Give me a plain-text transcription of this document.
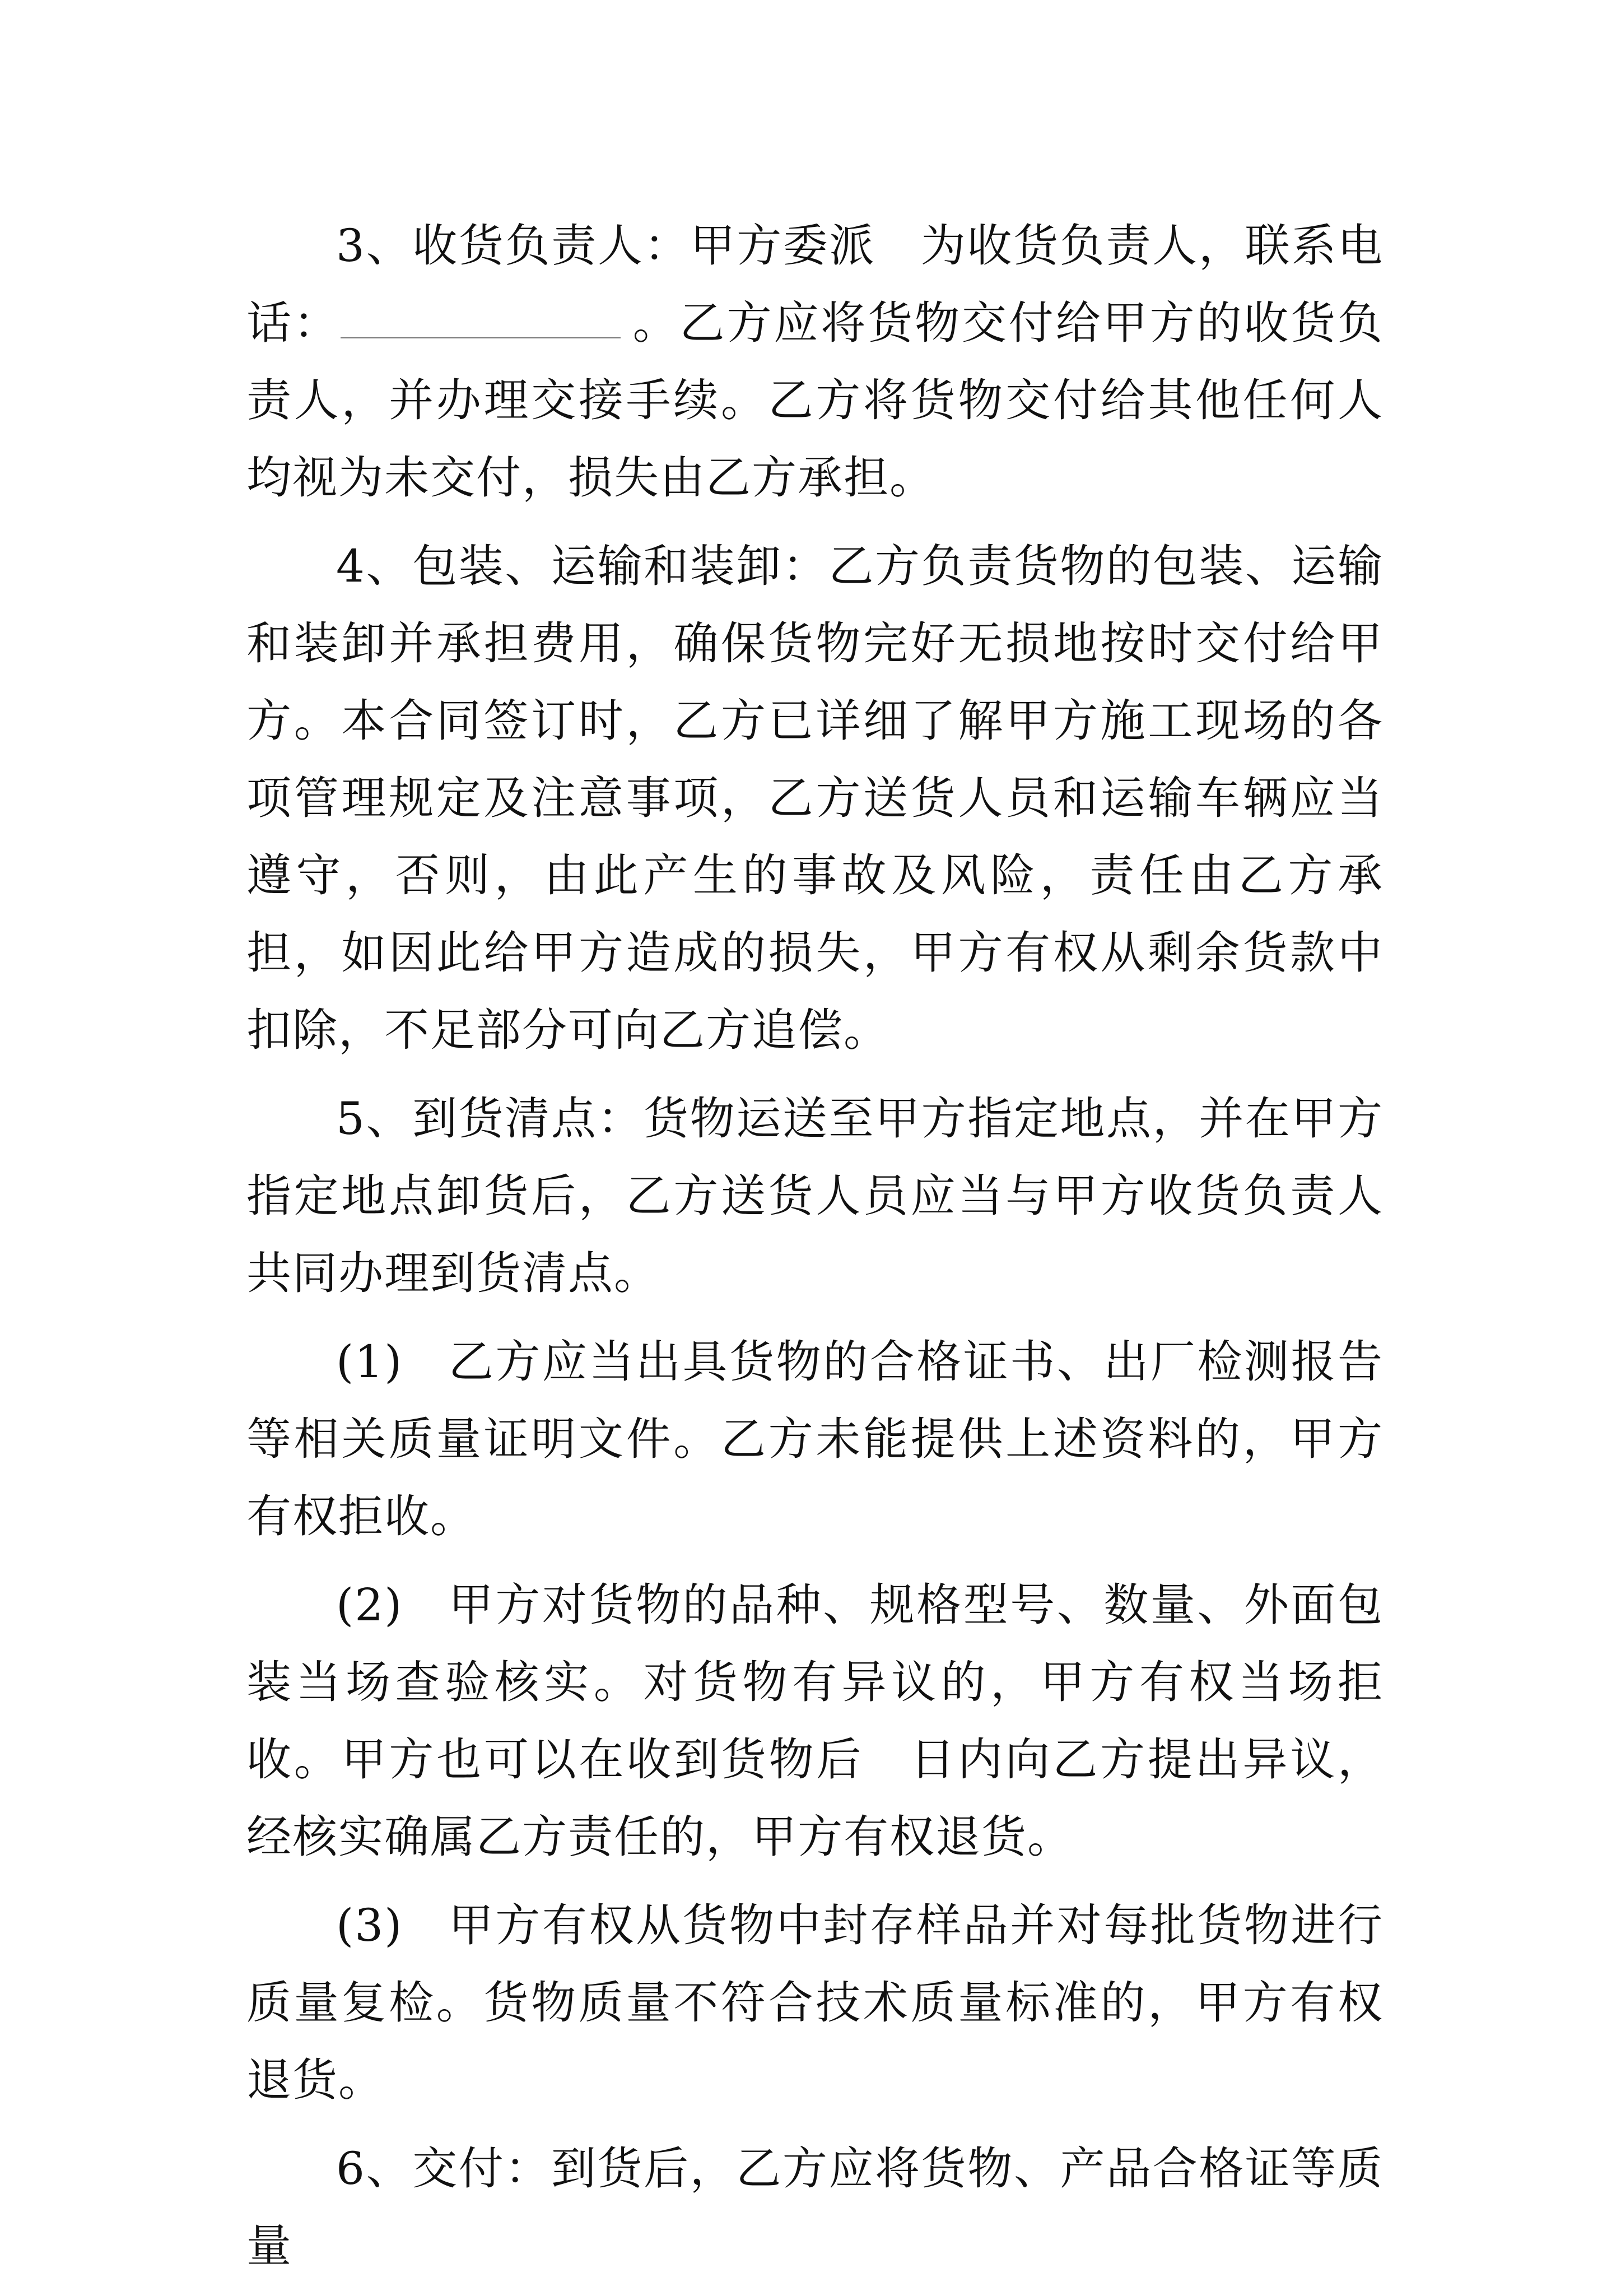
3、收货负责人：甲方委派 为收货负责人，联系电话：	。乙方应将货物交付给甲方的收货负责人，并办理交接手续。乙方将货物交付给其他任何人均视为未交付，损失由乙方承担。

4、包装、运输和装卸：乙方负责货物的包装、运输和装卸并承担费用，确保货物完好无损地按时交付给甲方。本合同签订时，乙方已详细了解甲方施工现场的各项管理规定及注意事项，乙方送货人员和运输车辆应当遵守，否则，由此产生的事故及风险，责任由乙方承担，如因此给甲方造成的损失，甲方有权从剩余货款中扣除，不足部分可向乙方追偿。

5、到货清点：货物运送至甲方指定地点，并在甲方指定地点卸货后，乙方送货人员应当与甲方收货负责人共同办理到货清点。

(1) 乙方应当出具货物的合格证书、出厂检测报告等相关质量证明文件。乙方未能提供上述资料的，甲方有权拒收。

(2) 甲方对货物的品种、规格型号、数量、外面包装当场查验核实。对货物有异议的，甲方有权当场拒收。甲方也可以在收到货物后 日内向乙方提出异议，经核实确属乙方责任的，甲方有权退货。

(3) 甲方有权从货物中封存样品并对每批货物进行质量复检。货物质量不符合技术质量标准的，甲方有权退货。

6、交付：到货后，乙方应将货物、产品合格证等质量
